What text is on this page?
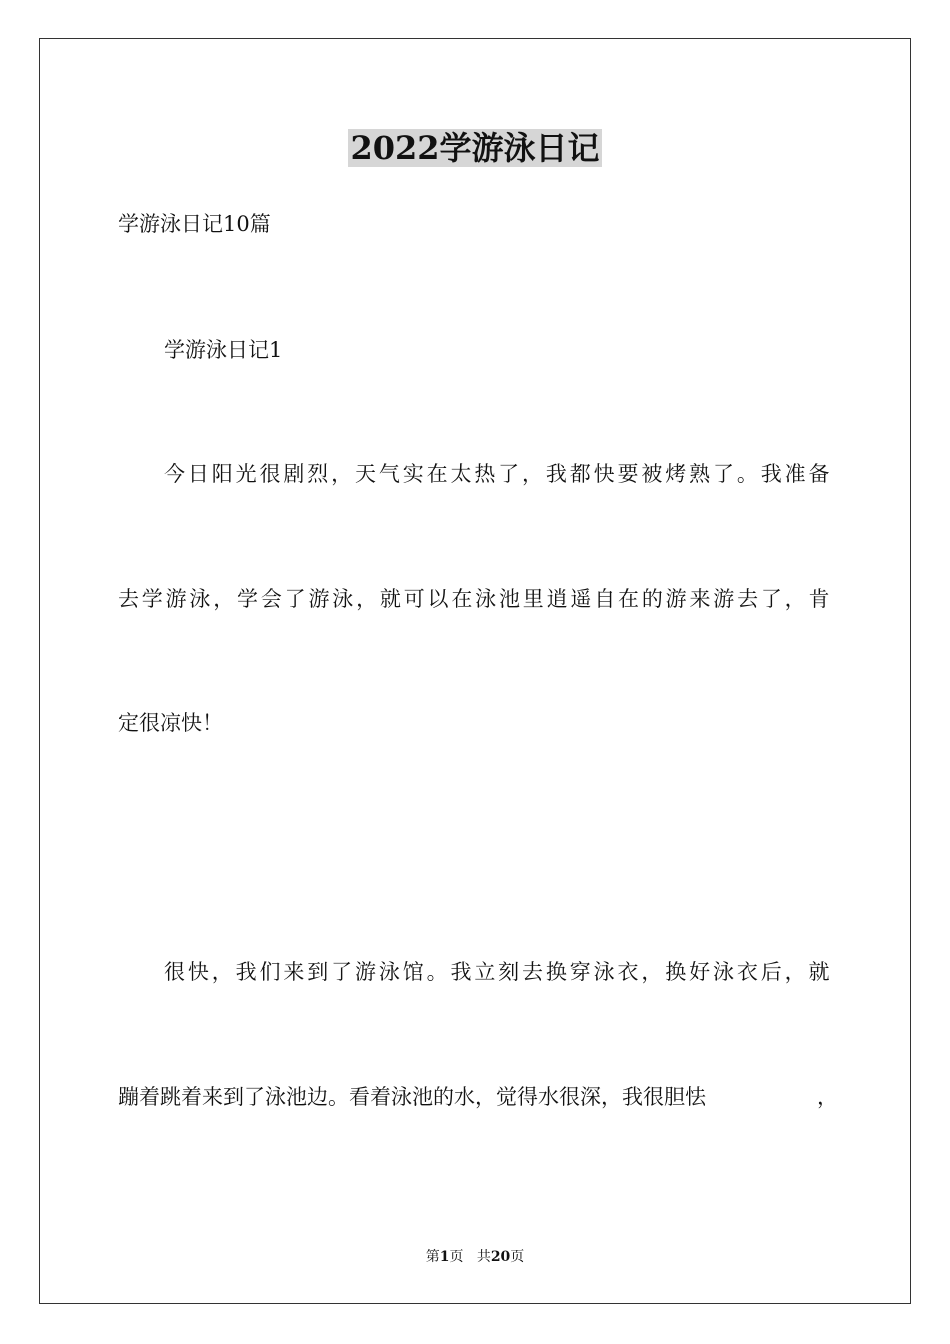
2022学游泳日记
学游泳日记10篇
学游泳日记1
今日阳光很剧烈，天气实在太热了，我都快要被烤熟了。我准备
去学游泳，学会了游泳，就可以在泳池里逍遥自在的游来游去了，肯
定很凉快！
很快，我们来到了游泳馆。我立刻去换穿泳衣，换好泳衣后，就
蹦着跳着来到了泳池边。看着泳池的水，觉得水很深，我很胆怯	，
第1页 共20页
